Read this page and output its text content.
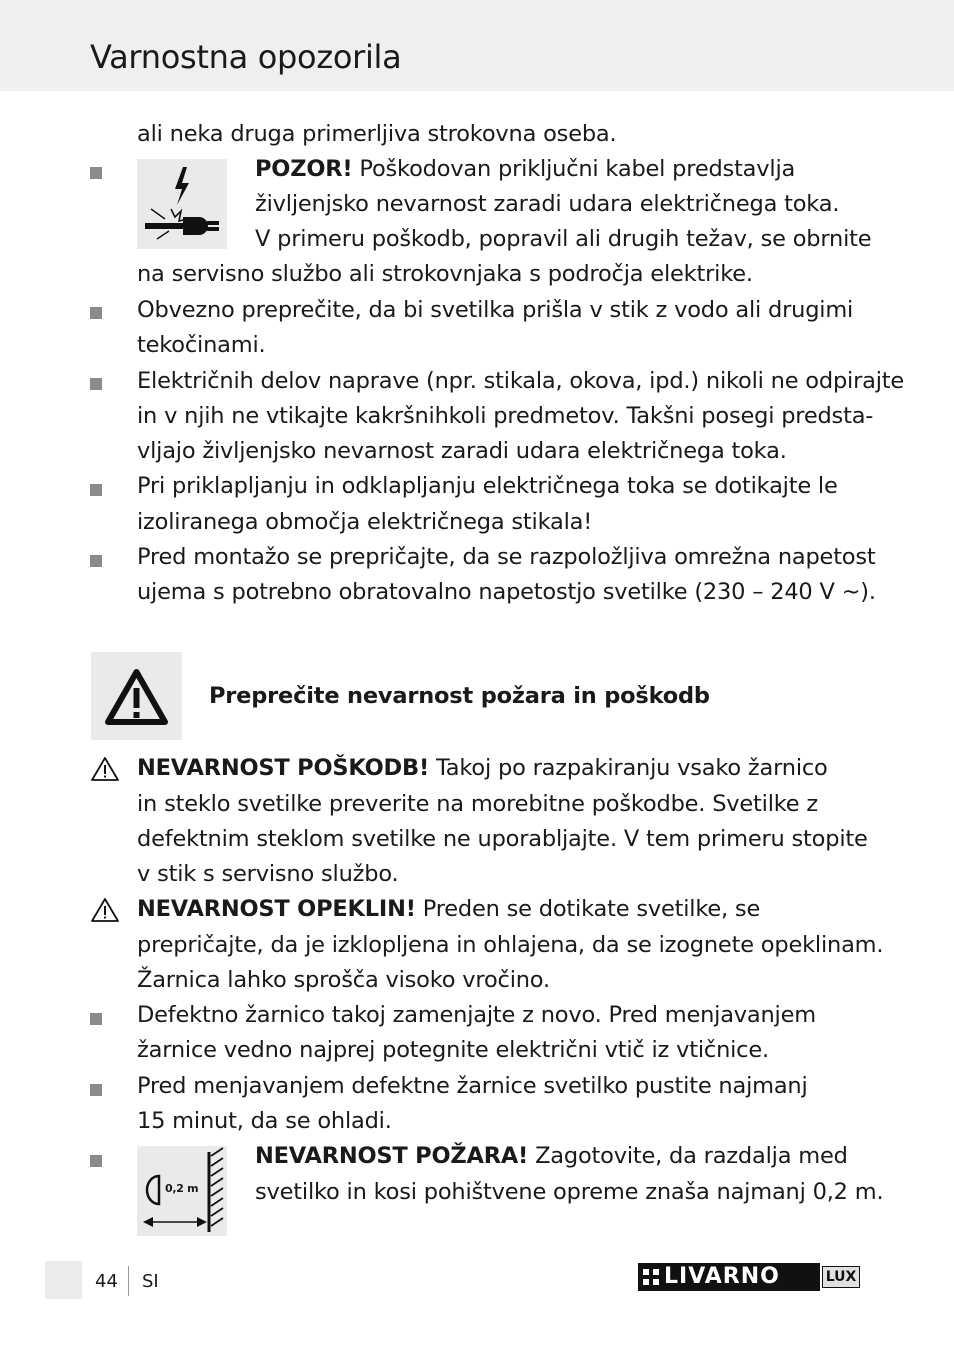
Varnostna opozorila
ali neka druga primerljiva strokovna oseba.
POZOR! Poškodovan priključni kabel predstavlja
življenjsko nevarnost zaradi udara električnega toka.
V primeru poškodb, popravil ali drugih težav, se obrnite
na servisno službo ali strokovnjaka s področja elektrike.
Obvezno preprečite, da bi svetilka prišla v stik z vodo ali drugimi
tekočinami.
Električnih delov naprave (npr. stikala, okova, ipd.) nikoli ne odpirajte
in v njih ne vtikajte kakršnihkoli predmetov. Takšni posegi predsta-
vljajo življenjsko nevarnost zaradi udara električnega toka.
Pri priklapljanju in odklapljanju električnega toka se dotikajte le
izoliranega območja električnega stikala!
Pred montažo se prepričajte, da se razpoložljiva omrežna napetost
ujema s potrebno obratovalno napetostjo svetilke (230 – 240 V ~).
Preprečite nevarnost požara in poškodb
NEVARNOST POŠKODB! Takoj po razpakiranju vsako žarnico
in steklo svetilke preverite na morebitne poškodbe. Svetilke z
defektnim steklom svetilke ne uporabljajte. V tem primeru stopite
v stik s servisno službo.
NEVARNOST OPEKLIN! Preden se dotikate svetilke, se
prepričajte, da je izklopljena in ohlajena, da se izognete opeklinam.
Žarnica lahko sprošča visoko vročino.
Defektno žarnico takoj zamenjajte z novo. Pred menjavanjem
žarnice vedno najprej potegnite električni vtič iz vtičnice.
Pred menjavanjem defektne žarnice svetilko pustite najmanj
15 minut, da se ohladi.
0,2 m
NEVARNOST POŽARA! Zagotovite, da razdalja med
svetilko in kosi pohištvene opreme znaša najmanj 0,2 m.
44 SI	LIVARNO	LUX
